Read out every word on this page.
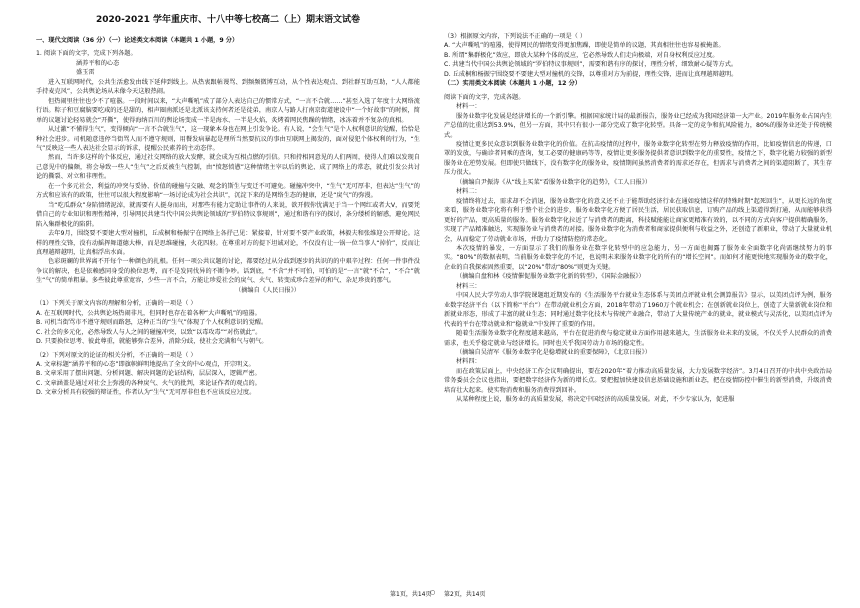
2020-2021 学年重庆市、十八中等七校高二（上）期末语文试卷
一、现代文阅读（36 分）（一）论述类文本阅读（本题共 1 小题，9 分）

1. 阅读下面的文字，完成下列各题。

涵养平和的心态

盛玉雷

进入互联网时代，公共生活愈发由线下延伸到线上。从热衷跟帖谩骂、到频频微博互动，从个性表达观点、到社群互助互助，“人人都能手持麦克风”，公共舆论场从未像今天这般热闹。

但热闹里往往也少不了喧嚣。一段时间以来，“大声嘶吼”成了部分人表达自己的惯常方式，“一言不合就……”甚至入选了年度十大网络流行语。粽子和豆腐脑要吃咸的还是甜的，相声圈南派还是北派该支持何者还是徒弟，南京人与路人打南京街道建设中“一个好故事”的时候，简单的议题讨论轻易就会“开撕”，使得海纳百川的舆论场变成一半是海水、一半是火焰，炙烤着网民焦躁的情绪，冰冻着并不复杂的真相。

从过激“不懂得生气”，变得倾向“一言不合就生气”，这一现象本身也在网上引发争论。有人说，“会生气”是个人权利意识的觉醒，恰恰是种社会进步。司机随意违停当街骂人而不遵守规则，用餐发病暴起是理所当然要抗议的事由互联网上揭发的，面对侵犯个体权利的行为，“生气”反映这一些人表达社会显示的诉求，提醒公民素养的主动态伴。

然而，当许多这样的个体反应，通过社交网络的放大发酵，就会成为互相点燃的引信。只和持相同意见的人们两周，使得人们难以发现自己意见中的偏颇，将会导致一些人“生气”之后反被生气控制，由“愤怒愤懑”这种情绪主宰以后的舆论、成了网络上的常态，就此引发公共讨论的撕裂、对立和非理性。

在一个多元社会，利益的冲突与妥协、价值的碰撞与交融、观念的斯生与变迁不可避免。碰撞冲突中，“生气”无可厚非，但表达“生气”的方式和应该有的政策，往往可以很大程度影响“一场讨论成为社会共识”，沉淀下来的是网络生态的健康，还是“戾气”的弥漫。

当“吃瓜群众”身陷情绪泥淖，就需要有人挺身而出，对那些有能力定助让事件的人来说，欲开假你忧满足于当一个网红或者大V，而要凭借自己的专业知识和理性精神，引导网民共建当代中国公共舆论领域的“罗伯特议事规则”，通过和谐有序的探讨，条分缕析的解惑，避免网民陷入集群极化的陷阱。

去年9月，围绕要不要建大型对撞机，丘成桐和杨振宁在网络上各抒己见：紧接着，针对要不要产业政策，林毅夫和张维迎公开辩论。这样的理性交锋，没有动摇挥舞道德大棒，而是思维碰撞，火花四射。在尊重对方的提下坦诚对论，不仅没有让一锅一位当事人“掉价”，反而让真理越辩越明，让真相浮出水面。

色彩斑斓的世界离不开每个一种颜色的扎根。任何一项公共议题的讨论，都要经过从分歧到逐步的共识的的中艰辛过程：任何一件事件没争议的解决，也是依赖感同身受的换位思考，而不是发同伐异的不断争吵。话到底，“不含”并不可怕，可怕的是“一言”就“不合”，“不合”就生“气”的简单粗暴。多些彼此尊重宽容，少些一言不合，方能让珍爱社会的戾气、火气、转变成珍合差异的和气、杂足珍贵的那气。

（摘编自《人民日报》）

（1）下列关于原文内容的理解和分析，正确的一项是（ ）

A. 在互联网时代，公共舆论场热闹非凡，但同时也存在着各种“大声嘶吼”的喧嚣。

B. 司机当街骂市不遵守规则而路怒，这种正当的“生气”体现了个人权利意识的觉醒。

C. 社会的多元化，必然导致人与人之间的碰撞冲突，以致“以毒攻毒”“对伤就此”。

D. 只要换位思考、彼此尊重，就能够弥合差异，消除分歧，使社会充满和气与朝气。

（2）下列对原文的论证的相关分析，不正确的一项是（ ）

A. 文章标题“涵养平和的心态”即旗帜鲜明地提出了全文的中心观点，开宗明义。

B. 文章采用了摆出问题、分析问题、解决问题的论证结构，层层深入，逻辑严密。

C. 文章涵盖是通过对社会上弥漫的各种戾气、火气的批判，来论证作者的观点的。

D. 文章分析具有较强的辩证性，作者认为“生气”无可厚非但也不应该反应过度。

（3）根据原文内容，下列说法不正确的一项是（ ）

A. “大声嘶吼”的喧嚣，使得网民的情绪变得更加焦躁，即使是简单的议题，其真相往往也容易被掩盖。

B. 所谓“集群极化”效应，即放大某种个体的反应，它必然导致人们走向极端，对自身权利反应过度。

C. 共建当代中国公共舆论领域的“罗伯特议事规则”，需要和谐有序的探讨，理性分析，细致耐心疑等方式。

D. 丘成桐和杨振宁围绕要不要建大型对撞机的交锋，以尊重对方为前提，理性交锋，进而让真理越辩越明。

（二）实用类文本阅读（本题共 1 小题，12 分）

阅读下面的文字，完成各题。

材料一：

服务业数字化发展是经济增长的一个新引擎。根据国家统计局的最新报告，服务业已经成为我国经济第一大产业。2019年服务业占国内生产总值的比重达到53.9%，但另一方面，其中只有很小一部分完成了数字化转型。具备一定的竞争和抗风险能力，80%的服务业还处于传统模式。

疫情让更多民众意识到服务业数字化的价值。在抗击疫情的过程中，服务业数字化转型在努力释放疫情的作用，比如疫情信息的传递，口罩的发放，与确诊者同乘的查询，复工必要的健康码等等，疫情让更多服务提供者意识到数字化的重要性，疫情之下，数字化能力较强的新型服务业在逆势发展。但即使只做线下，没有数字化的服务业，疫情期间虽然消费者的需求还存在，但需求与消费者之间的渠道阻断了，其生存压力很大。

（摘编自尹振涛《从“线上买菜”看服务业数字化的趋势》，《工人日报》）

材料二：

疫情终将过去，需求却不会消退，服务业数字化的意义还不止于能帮助经济行业在通如疫情这样的特殊时期“起死回生”，从更长远的角度来看，服务业数字化将有利于整个社会的进步，服务业数字化方便了居民生活，居民获取信息，订购产品的线上渠道得到打通，从而能够获得更好的产品，更高质量的服务。服务业数字化拉近了与消费者的距离，科技赋能能让商家更精准有效的，以不同的方式向客户提供精确服务，实现了产品精准触达，实现服务业与消费者的对接。服务业数字化为消费者和商家提供便利与收益之外，还创造了新职业，带动了大量就业机会，从而稳定了劳动就业市场，并助力了疫情防控的常态化。

本次疫情的暴发，一方面显示了我们的服务业在数字化转型中的应急能力，另一方面也揭露了服务业全面数字化尚需继续努力的事实。“80%”的数据表明，当前服务业数字化的不足，也说明未来服务业数字化的所有的“增长空间”。而如何才能更快地实现服务业的数字化，企业的自我探索固然重要，以“20%”带动“80%”则更为关键。

（摘编自盘和林《疫情催促服务业数字化新的转型》，《国际金融报》）

材料三：

中国人民大学劳动人事学院课题组近期发布的《生活服务平台就业生态体系与美团点评就业机会测算报告》显示，以美团点评为例，服务业数字经济平台（以下简称“平台”）在带动就业机会方面，2018年带动了1960万个就业机会；在创新就业岗位上，创造了大量新就业岗位和新就业形态，形成了丰富的就业生态；同时通过数字化技术与传统产业融合，带动了大量传统产业的就业，就业模式与灵活化，以美团点评为代表的平台在带动就业和“稳就业”中发挥了重要的作用。

随着生活服务业数字化程度越来越高，平台在促进消费与稳定就业方面作用越来越大，生活服务业未来的发展，不仅关乎人民群众的消费需求，也关乎稳定就业与经济增长。同时也关乎我国劳动力市场的稳定性。

（摘编自吴清军《服务业数字化是稳增就业的重要保障》，《北京日报》）

材料四：

而在政策层面上，中央经济工作会议明确提出，要在2020年“着力推动高质量发展，大力发展数字经济”。3月4日召开的中共中央政治局常务委员会会议也指出，要把数字经济作为新的增长点。要把握加快建设信息基础设施和新业态，把在疫情防控中催生的新型消费，升级消费培育壮大起来。使实物消费和服务消费得到回补。

从某种程度上说，服务业的高质量发展，将决定中国经济的高质量发展。对此，不少专家认为，促进服

第1页，共14页
○ 第2页，共14页
